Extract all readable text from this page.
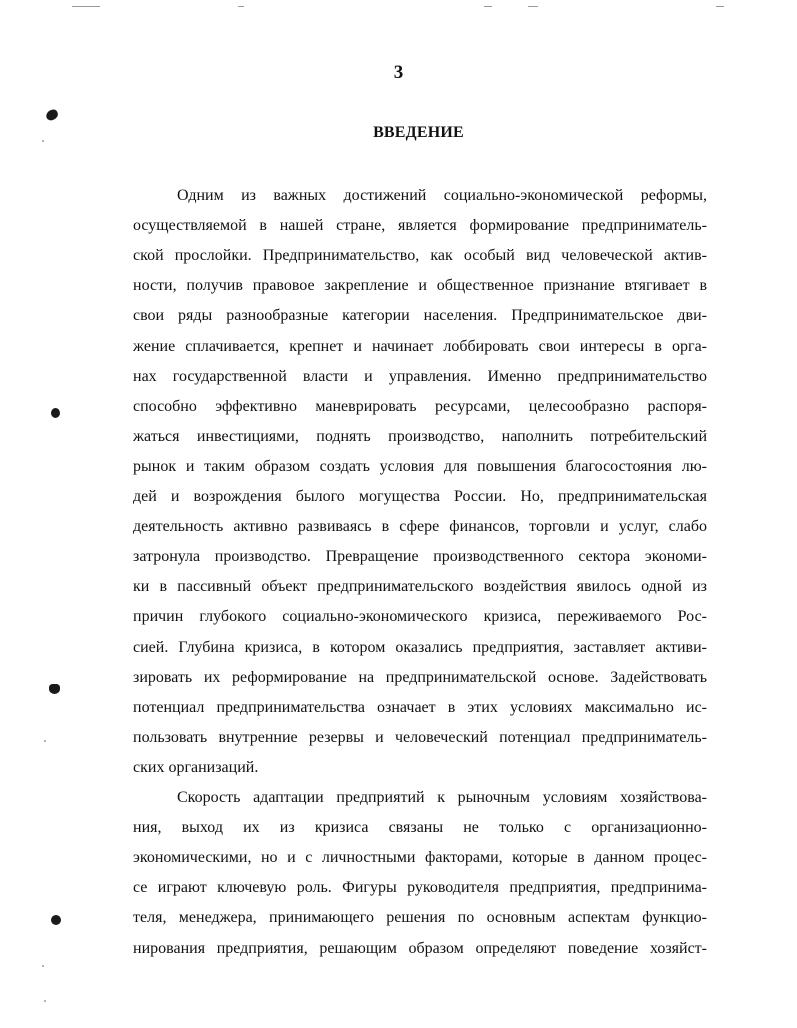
3
ВВЕДЕНИЕ
Одним из важных достижений социально-экономической реформы,
осуществляемой в нашей стране, является формирование предприниматель-
ской прослойки. Предпринимательство, как особый вид человеческой актив-
ности, получив правовое закрепление и общественное признание втягивает в
свои ряды разнообразные категории населения. Предпринимательское дви-
жение сплачивается, крепнет и начинает лоббировать свои интересы в орга-
нах государственной власти и управления. Именно предпринимательство
способно эффективно маневрировать ресурсами, целесообразно распоря-
жаться инвестициями, поднять производство, наполнить потребительский
рынок и таким образом создать условия для повышения благосостояния лю-
дей и возрождения былого могущества России. Но, предпринимательская
деятельность активно развиваясь в сфере финансов, торговли и услуг, слабо
затронула производство. Превращение производственного сектора экономи-
ки в пассивный объект предпринимательского воздействия явилось одной из
причин глубокого социально-экономического кризиса, переживаемого Рос-
сией. Глубина кризиса, в котором оказались предприятия, заставляет активи-
зировать их реформирование на предпринимательской основе. Задействовать
потенциал предпринимательства означает в этих условиях максимально ис-
пользовать внутренние резервы и человеческий потенциал предприниматель-
ских организаций.
Скорость адаптации предприятий к рыночным условиям хозяйствова-
ния, выход их из кризиса связаны не только с организационно-
экономическими, но и с личностными факторами, которые в данном процес-
се играют ключевую роль. Фигуры руководителя предприятия, предпринима-
теля, менеджера, принимающего решения по основным аспектам функцио-
нирования предприятия, решающим образом определяют поведение хозяйст-
